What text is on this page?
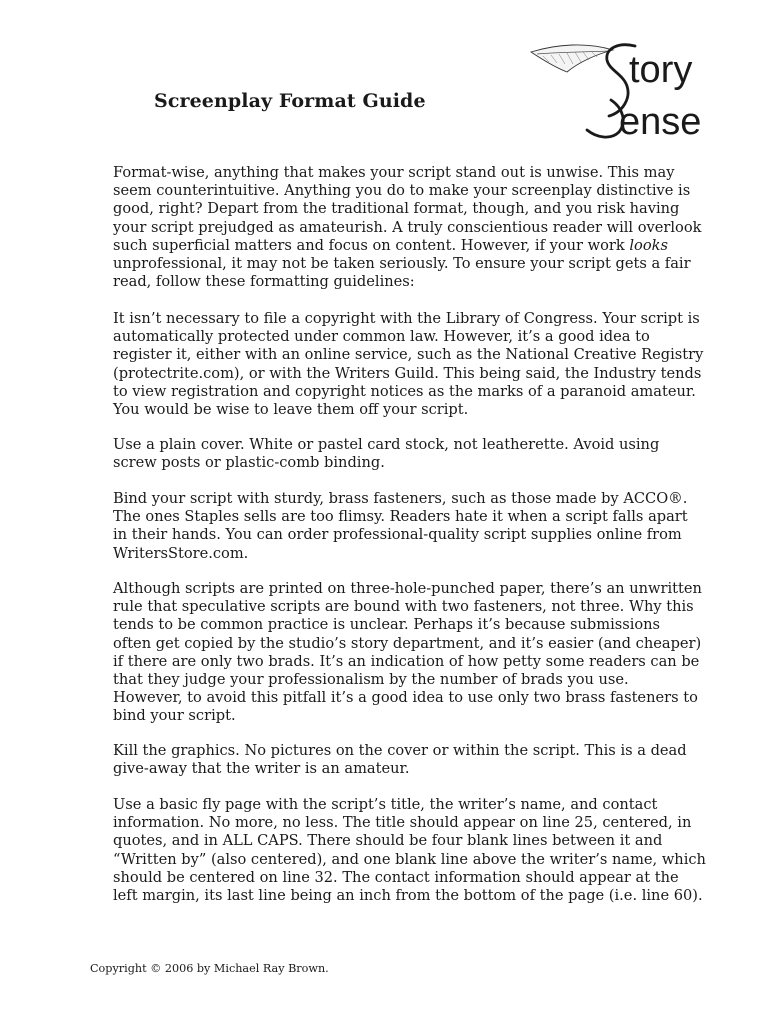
Screenplay Format Guide
tory
ense

Format-wise, anything that makes your script stand out is unwise. This may
seem counterintuitive. Anything you do to make your screenplay distinctive is
good, right? Depart from the traditional format, though, and you risk having
your script prejudged as amateurish. A truly conscientious reader will overlook
such superficial matters and focus on content. However, if your work looks
unprofessional, it may not be taken seriously. To ensure your script gets a fair
read, follow these formatting guidelines:

It isn’t necessary to file a copyright with the Library of Congress. Your script is
automatically protected under common law. However, it’s a good idea to
register it, either with an online service, such as the National Creative Registry
(protectrite.com), or with the Writers Guild. This being said, the Industry tends
to view registration and copyright notices as the marks of a paranoid amateur.
You would be wise to leave them off your script.

Use a plain cover. White or pastel card stock, not leatherette. Avoid using
screw posts or plastic-comb binding.

Bind your script with sturdy, brass fasteners, such as those made by ACCO®.
The ones Staples sells are too flimsy. Readers hate it when a script falls apart
in their hands. You can order professional-quality script supplies online from
WritersStore.com.

Although scripts are printed on three-hole-punched paper, there’s an unwritten
rule that speculative scripts are bound with two fasteners, not three. Why this
tends to be common practice is unclear. Perhaps it’s because submissions
often get copied by the studio’s story department, and it’s easier (and cheaper)
if there are only two brads. It’s an indication of how petty some readers can be
that they judge your professionalism by the number of brads you use.
However, to avoid this pitfall it’s a good idea to use only two brass fasteners to
bind your script.

Kill the graphics. No pictures on the cover or within the script. This is a dead
give-away that the writer is an amateur.

Use a basic fly page with the script’s title, the writer’s name, and contact
information. No more, no less. The title should appear on line 25, centered, in
quotes, and in ALL CAPS. There should be four blank lines between it and
“Written by” (also centered), and one blank line above the writer’s name, which
should be centered on line 32. The contact information should appear at the
left margin, its last line being an inch from the bottom of the page (i.e. line 60).

Copyright © 2006 by Michael Ray Brown.
